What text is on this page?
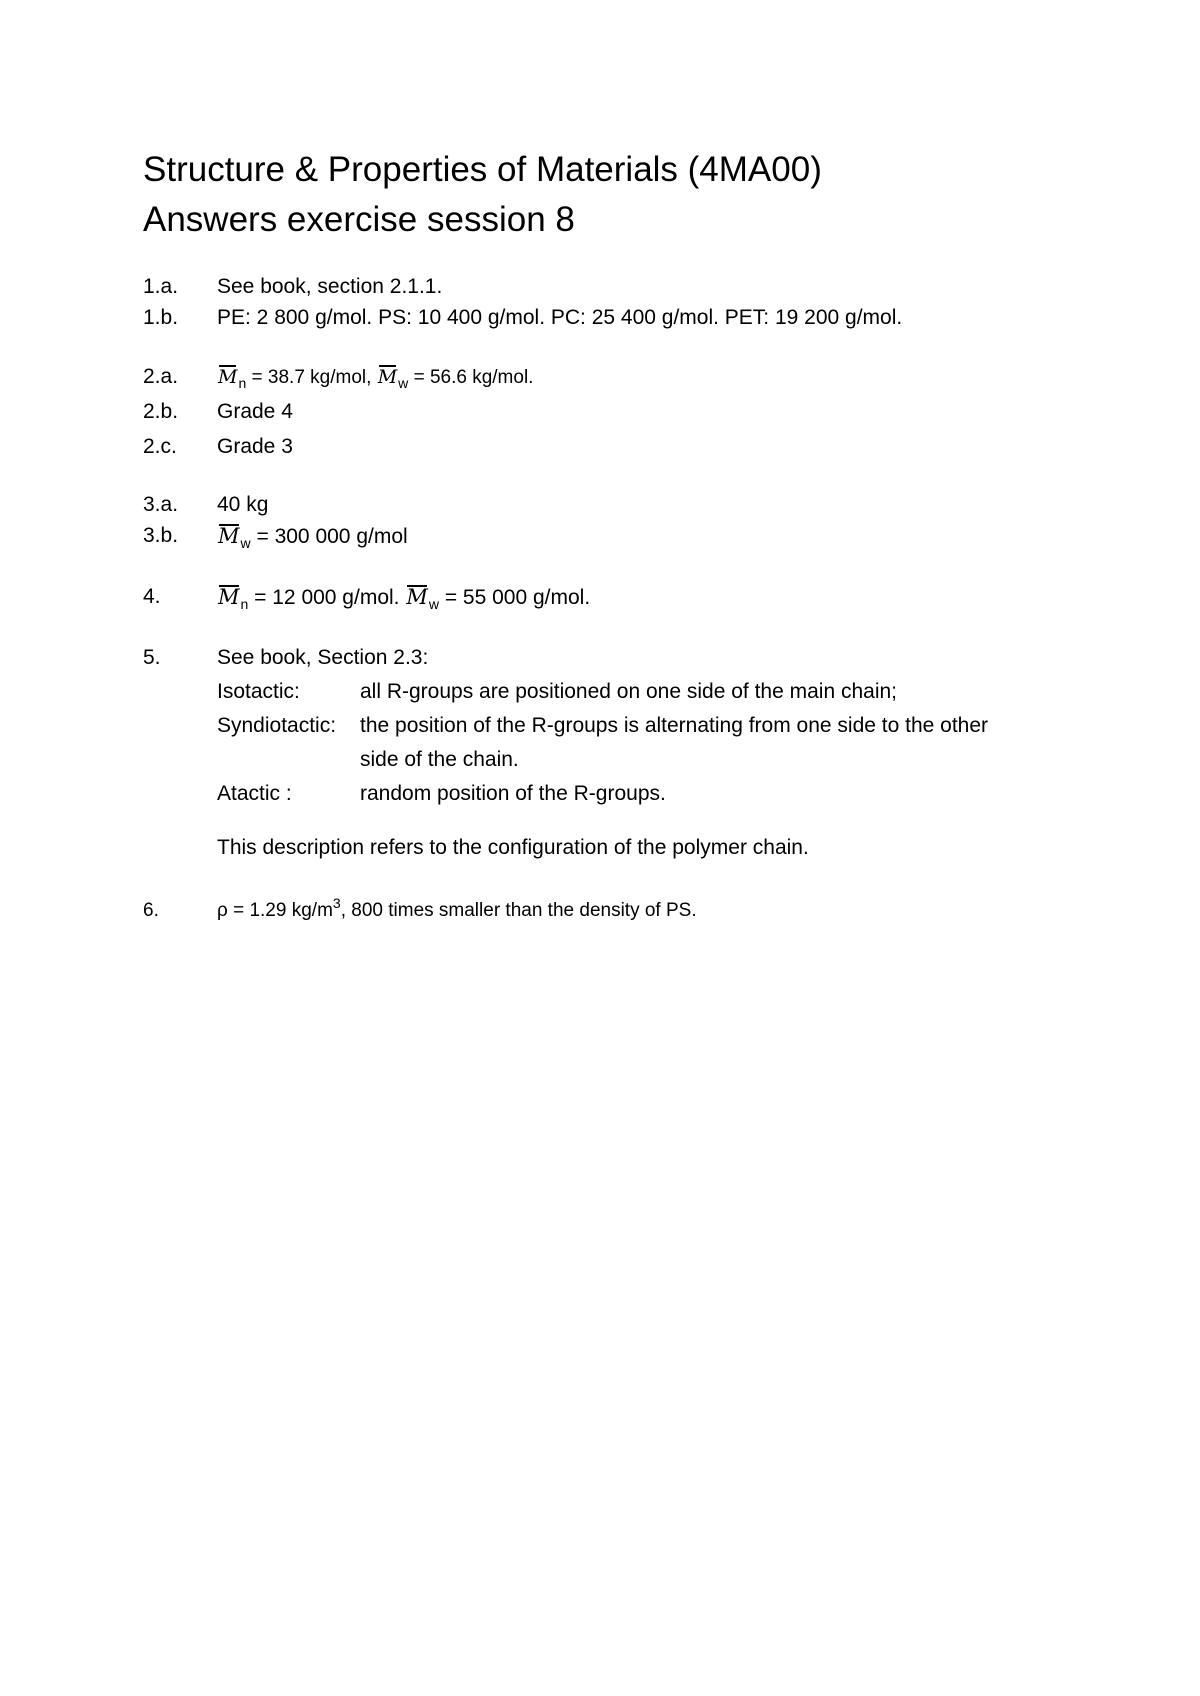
Structure & Properties of Materials (4MA00)
Answers exercise session 8
1.a. See book, section 2.1.1.
1.b. PE: 2 800 g/mol. PS: 10 400 g/mol. PC: 25 400 g/mol. PET: 19 200 g/mol.
2.a. $M_n = 38.7$ kg/mol, $M_w = 56.6$ kg/mol.
2.b. Grade 4
2.c. Grade 3
3.a. 40 kg
3.b. $M_w = 300$ 000 g/mol
4.	$M_n = 12$ 000 g/mol. $M_w = 55$ 000 g/mol.
5.	See book, Section 2.3:
Isotactic:	all R-groups are positioned on one side of the main chain;
Syndiotactic: the position of the R-groups is alternating from one side to the other
side of the chain.
Atactic :	random position of the R-groups.
This description refers to the configuration of the polymer chain.
6.	ρ = 1.29 $kg/m^3$, 800 times smaller than the density of PS.
